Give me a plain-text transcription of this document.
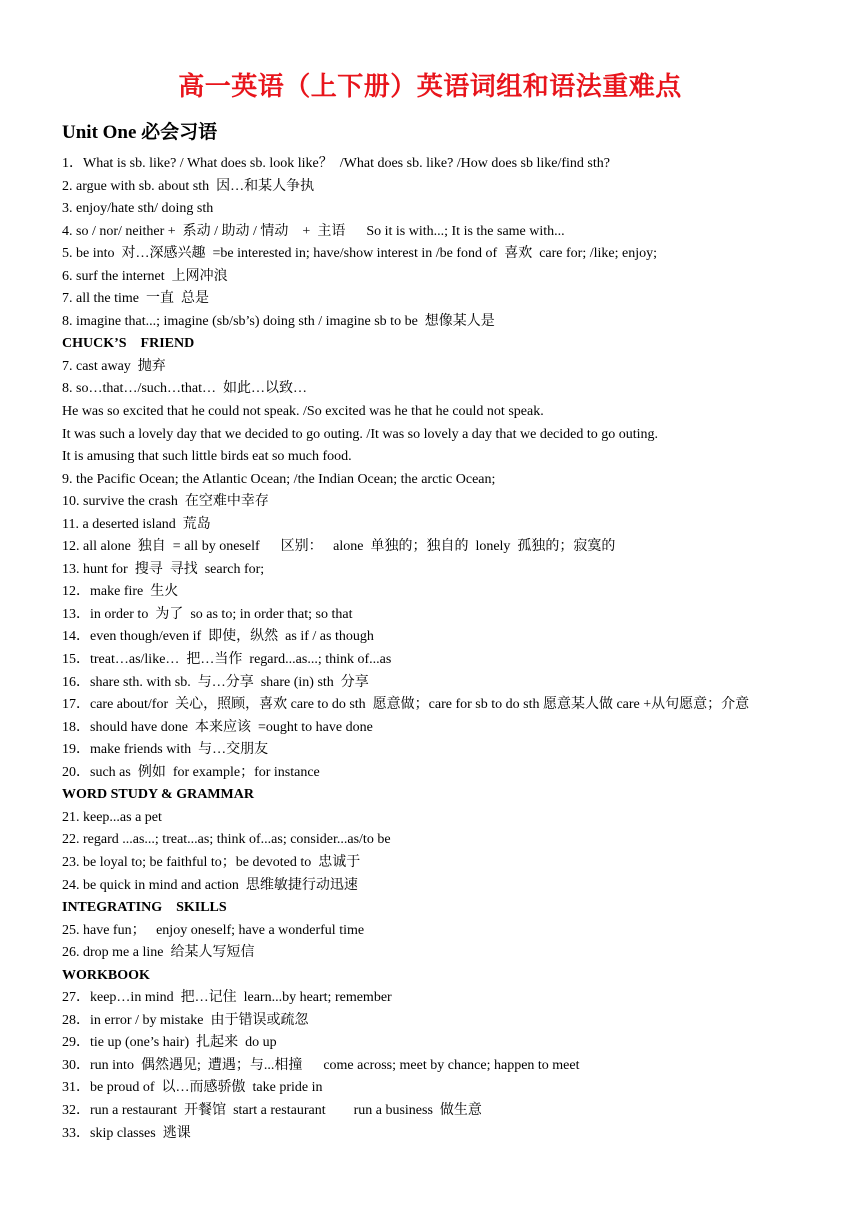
高一英语（上下册）英语词组和语法重难点
Unit One 必会习语
1．What is sb. like? / What does sb. look like？  /What does sb. like? /How does sb like/find sth?
2. argue with sb. about sth  因…和某人争执
3. enjoy/hate sth/ doing sth
4. so / nor/ neither +  系动 / 助动 / 情动    +  主语      So it is with...; It is the same with...
5. be into  对…深感兴趣  =be interested in; have/show interest in /be fond of  喜欢  care for; /like; enjoy;
6. surf the internet  上网冲浪
7. all the time  一直  总是
8. imagine that...; imagine (sb/sb’s) doing sth / imagine sb to be  想像某人是
CHUCK’S    FRIEND
7. cast away  抛弃
8. so…that…/such…that…  如此…以致…
He was so excited that he could not speak. /So excited was he that he could not speak.
It was such a lovely day that we decided to go outing. /It was so lovely a day that we decided to go outing.
It is amusing that such little birds eat so much food.
9. the Pacific Ocean; the Atlantic Ocean; /the Indian Ocean; the arctic Ocean;
10. survive the crash  在空难中幸存
11. a deserted island  荒岛
12. all alone  独自  = all by oneself      区别：   alone  单独的；独自的  lonely  孤独的；寂寞的
13. hunt for  搜寻  寻找  search for;
12．make fire  生火
13．in order to  为了  so as to; in order that; so that
14．even though/even if  即使，纵然  as if / as though
15．treat…as/like…  把…当作  regard...as...; think of...as
16．share sth. with sb.  与…分享  share (in) sth  分享
17．care about/for  关心，照顾，喜欢 care to do sth  愿意做；care for sb to do sth 愿意某人做 care +从句愿意；介意
18．should have done  本来应该  =ought to have done
19．make friends with  与…交朋友
20．such as  例如  for example；for instance
WORD STUDY & GRAMMAR
21. keep...as a pet
22. regard ...as...; treat...as; think of...as; consider...as/to be
23. be loyal to; be faithful to；be devoted to  忠诚于
24. be quick in mind and action  思维敏捷行动迅速
INTEGRATING    SKILLS
25. have fun；   enjoy oneself; have a wonderful time
26. drop me a line  给某人写短信
WORKBOOK
27．keep…in mind  把…记住  learn...by heart; remember
28．in error / by mistake  由于错误或疏忽
29．tie up (one’s hair)  扎起来  do up
30．run into  偶然遇见;  遭遇；与...相撞      come across; meet by chance; happen to meet
31．be proud of  以…而感骄傲  take pride in
32．run a restaurant  开餐馆  start a restaurant        run a business  做生意
33．skip classes  逃课
